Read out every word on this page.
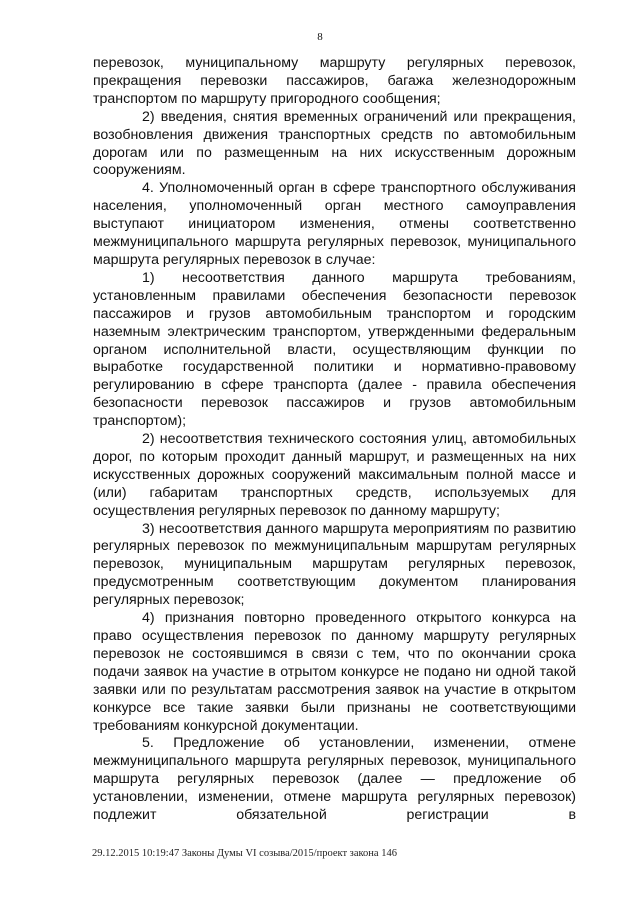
8

перевозок, муниципальному маршруту регулярных перевозок, прекращения перевозки пассажиров, багажа железнодорожным транспортом по маршруту пригородного сообщения;

2) введения, снятия временных ограничений или прекращения, возобновления движения транспортных средств по автомобильным дорогам или по размещенным на них искусственным дорожным сооружениям.

4. Уполномоченный орган в сфере транспортного обслуживания населения, уполномоченный орган местного самоуправления выступают инициатором изменения, отмены соответственно межмуниципального маршрута регулярных перевозок, муниципального маршрута регулярных перевозок в случае:

1) несоответствия данного маршрута требованиям, установленным правилами обеспечения безопасности перевозок пассажиров и грузов автомобильным транспортом и городским наземным электрическим транспортом, утвержденными федеральным органом исполнительной власти, осуществляющим функции по выработке государственной политики и нормативно-правовому регулированию в сфере транспорта (далее - правила обеспечения безопасности перевозок пассажиров и грузов автомобильным транспортом);

2) несоответствия технического состояния улиц, автомобильных дорог, по которым проходит данный маршрут, и размещенных на них искусственных дорожных сооружений максимальным полной массе и (или) габаритам транспортных средств, используемых для осуществления регулярных перевозок по данному маршруту;

3) несоответствия данного маршрута мероприятиям по развитию регулярных перевозок по межмуниципальным маршрутам регулярных перевозок, муниципальным маршрутам регулярных перевозок, предусмотренным соответствующим документом планирования регулярных перевозок;

4) признания повторно проведенного открытого конкурса на право осуществления перевозок по данному маршруту регулярных перевозок не состоявшимся в связи с тем, что по окончании срока подачи заявок на участие в отрытом конкурсе не подано ни одной такой заявки или по результатам рассмотрения заявок на участие в открытом конкурсе все такие заявки были признаны не соответствующими требованиям конкурсной документации.

5. Предложение об установлении, изменении, отмене межмуниципального маршрута регулярных перевозок, муниципального маршрута регулярных перевозок (далее — предложение об установлении, изменении, отмене маршрута регулярных перевозок) подлежит обязательной регистрации в

29.12.2015 10:19:47 Законы Думы VI созыва/2015/проект закона 146
